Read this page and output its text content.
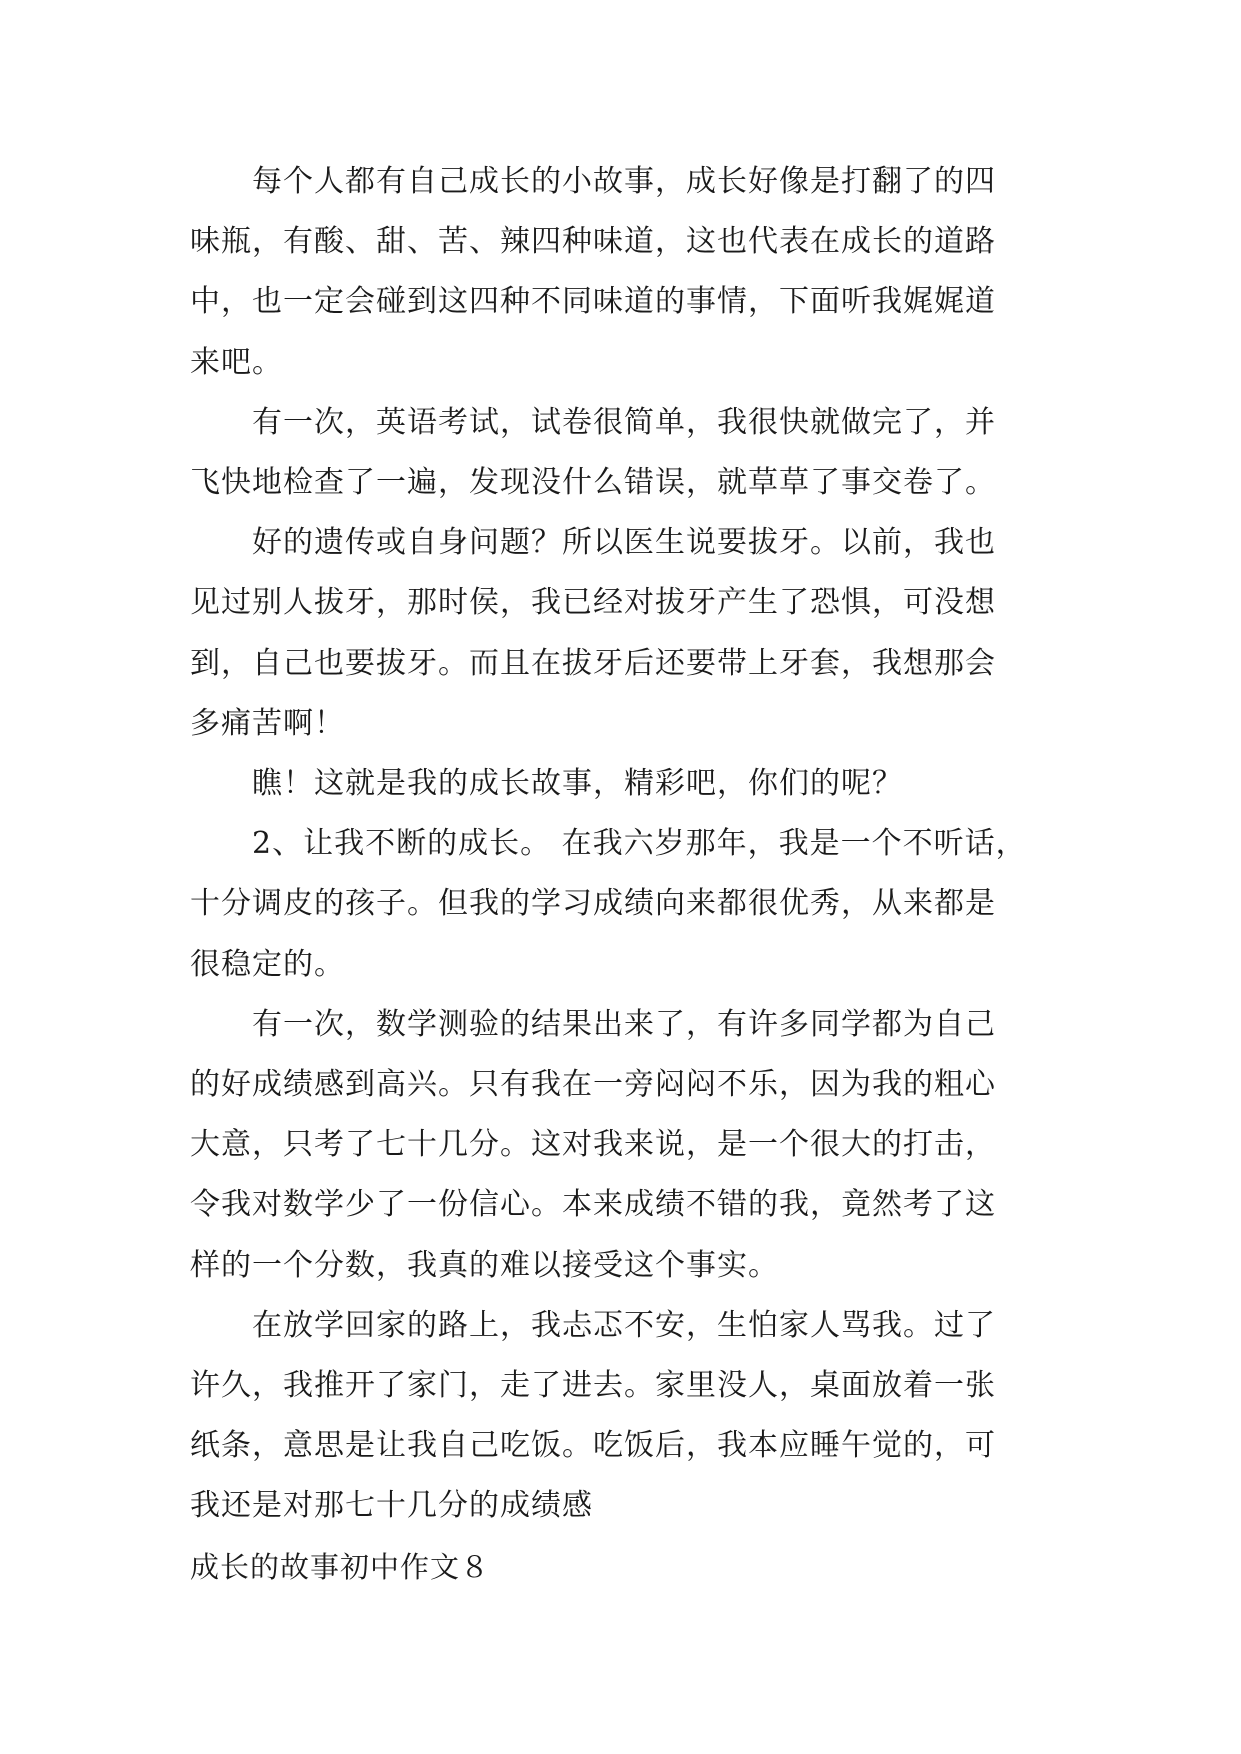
　　每个人都有自己成长的小故事，成长好像是打翻了的四

味瓶，有酸、甜、苦、辣四种味道，这也代表在成长的道路

中，也一定会碰到这四种不同味道的事情，下面听我娓娓道

来吧。

　　有一次，英语考试，试卷很简单，我很快就做完了，并

飞快地检查了一遍，发现没什么错误，就草草了事交卷了。

　　好的遗传或自身问题？所以医生说要拔牙。以前，我也

见过别人拔牙，那时侯，我已经对拔牙产生了恐惧，可没想

到，自己也要拔牙。而且在拔牙后还要带上牙套，我想那会

多痛苦啊！

　　瞧！这就是我的成长故事，精彩吧，你们的呢？

　　2、让我不断的成长。 在我六岁那年，我是一个不听话，

十分调皮的孩子。但我的学习成绩向来都很优秀，从来都是

很稳定的。

　　有一次，数学测验的结果出来了，有许多同学都为自己

的好成绩感到高兴。只有我在一旁闷闷不乐，因为我的粗心

大意，只考了七十几分。这对我来说，是一个很大的打击，

令我对数学少了一份信心。本来成绩不错的我，竟然考了这

样的一个分数，我真的难以接受这个事实。

　　在放学回家的路上，我忐忑不安，生怕家人骂我。过了

许久，我推开了家门，走了进去。家里没人，桌面放着一张

纸条，意思是让我自己吃饭。吃饭后，我本应睡午觉的，可

我还是对那七十几分的成绩感

成长的故事初中作文８
